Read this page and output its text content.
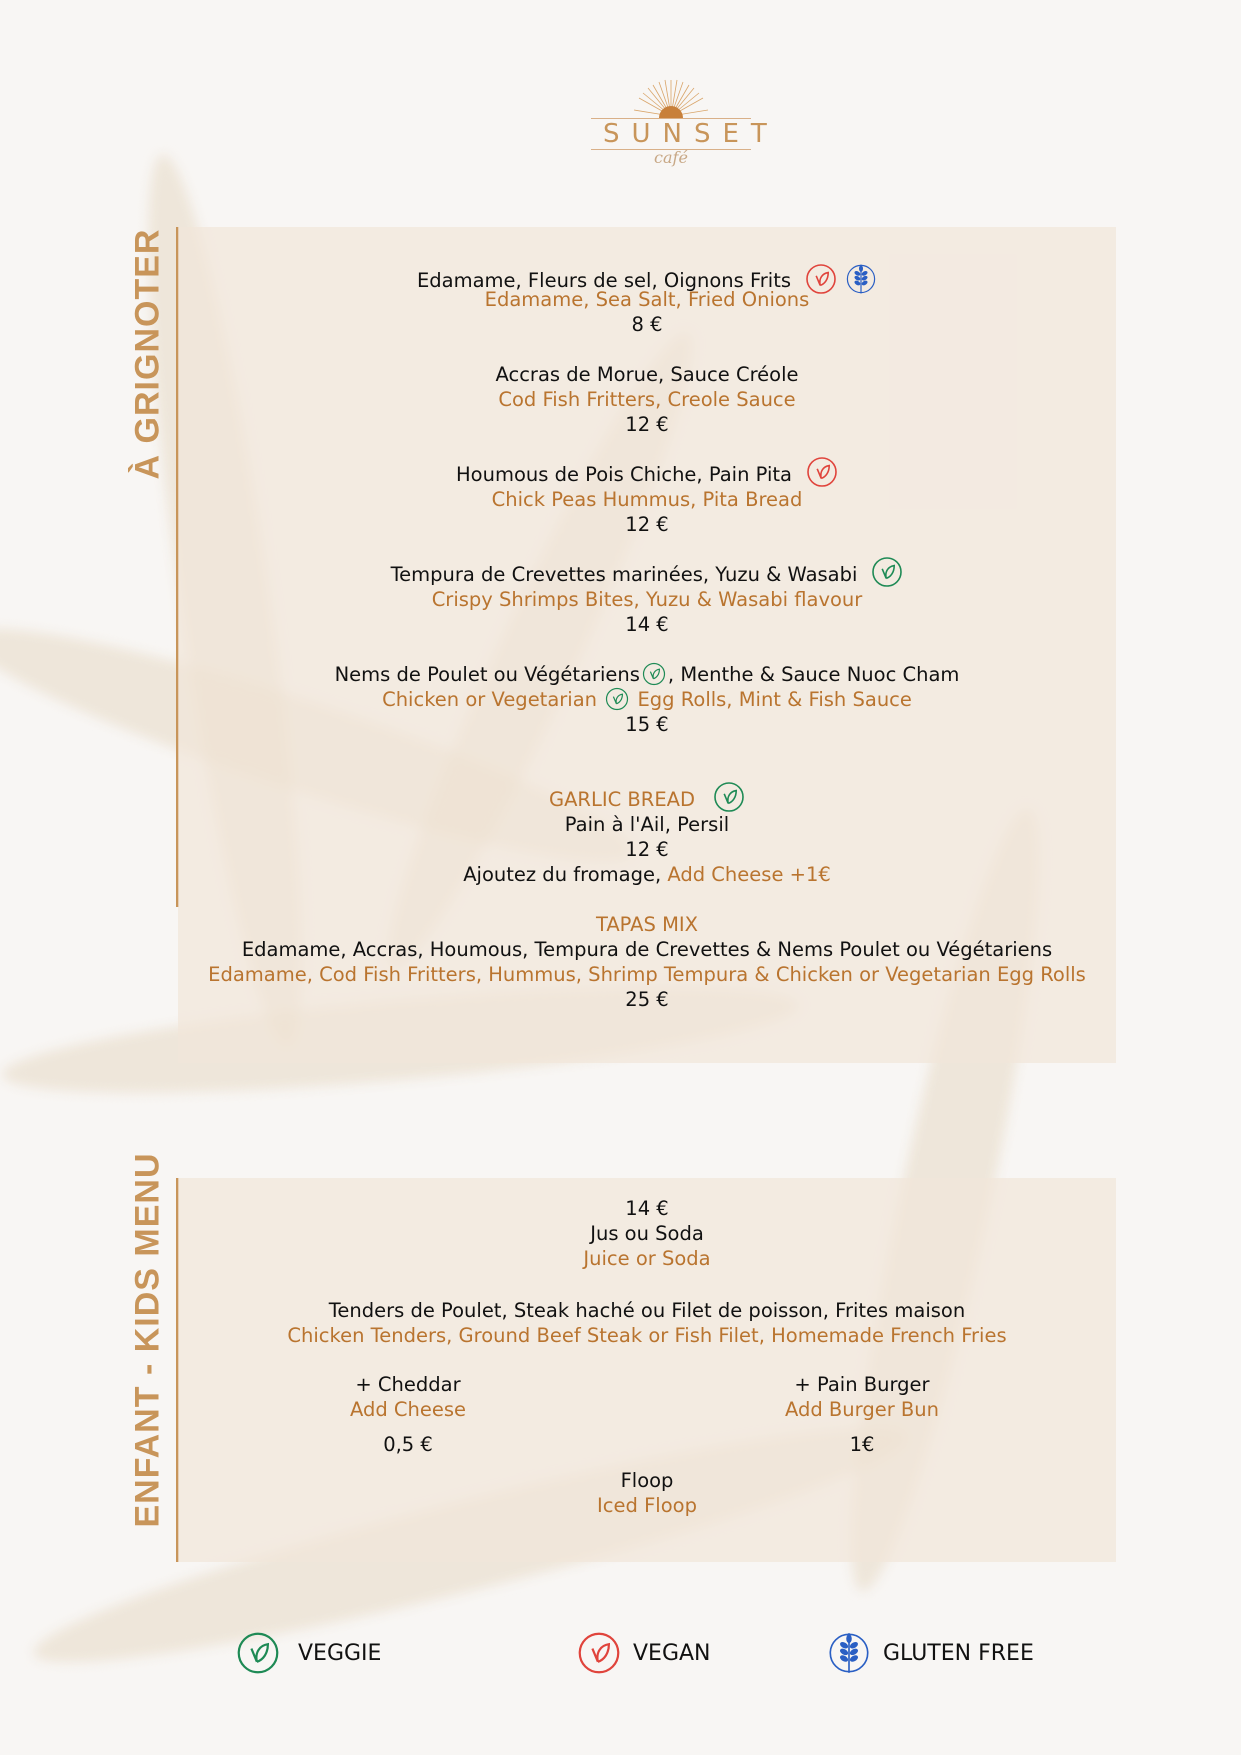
SUNSET
café
À GRIGNOTER	Edamame, Fleurs de sel, Oignons Frits
Edamame, Sea Salt, Fried Onions
8 €
Accras de Morue, Sauce Créole
Cod Fish Fritters, Creole Sauce
12 €
Houmous de Pois Chiche, Pain Pita
Chick Peas Hummus, Pita Bread
12 €
Tempura de Crevettes marinées, Yuzu & Wasabi
Crispy Shrimps Bites, Yuzu & Wasabi flavour
14 €
Nems de Poulet ou Végétariens , Menthe & Sauce Nuoc Cham
Chicken or Vegetarian Egg Rolls, Mint & Fish Sauce
15 €
GARLIC BREAD
Pain à l'Ail, Persil
12 €
Ajoutez du fromage, Add Cheese +1€
TAPAS MIX
Edamame, Accras, Houmous, Tempura de Crevettes & Nems Poulet ou Végétariens
Edamame, Cod Fish Fritters, Hummus, Shrimp Tempura & Chicken or Vegetarian Egg Rolls
25 €
ENFANT - KIDS MENU	14 €
Jus ou Soda
Juice or Soda
Tenders de Poulet, Steak haché ou Filet de poisson, Frites maison
Chicken Tenders, Ground Beef Steak or Fish Filet, Homemade French Fries
+ Cheddar
Add Cheese
0,5 €
+ Pain Burger
Add Burger Bun
1€
Floop
Iced Floop
VEGGIE	VEGAN	GLUTEN FREE
